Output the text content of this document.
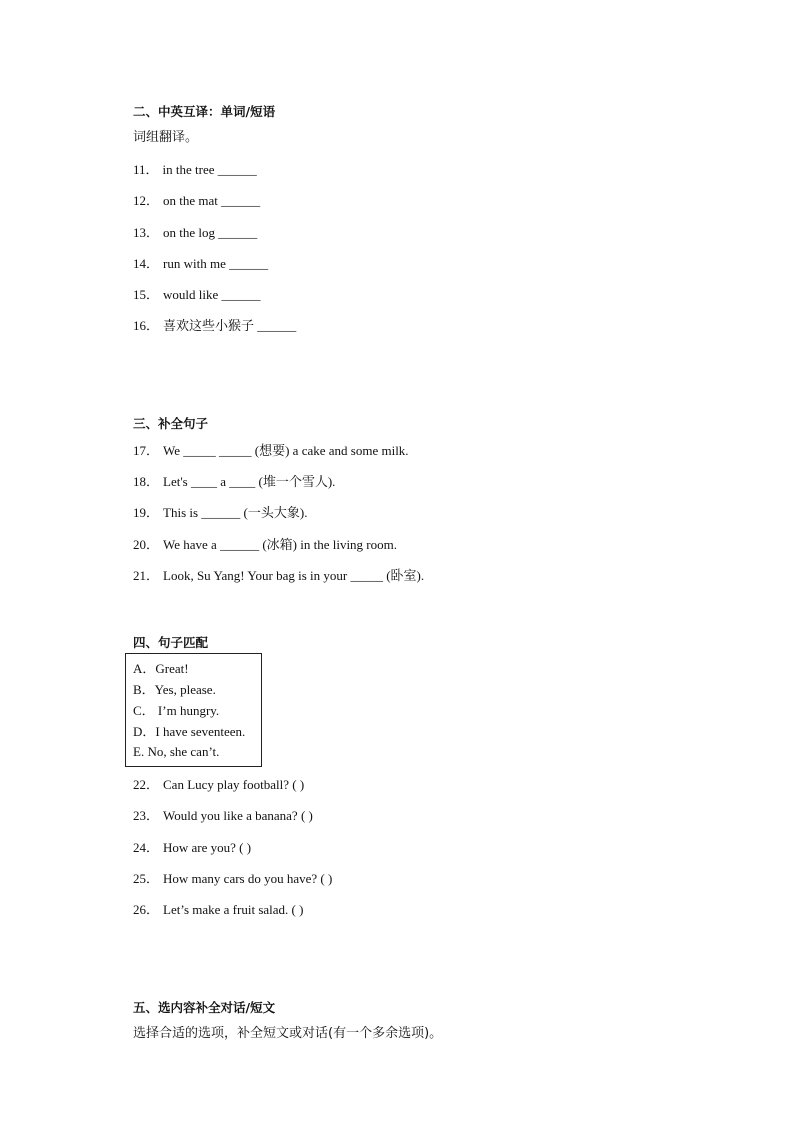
二、中英互译：单词/短语
词组翻译。
11． in the tree ______
12． on the mat ______
13． on the log ______
14． run with me ______
15． would like ______
16． 喜欢这些小猴子 ______
三、补全句子
17． We _____ _____ (想要) a cake and some milk.
18． Let's ____ a ____ (堆一个雪人).
19． This is ______ (一头大象).
20． We have a ______ (冰箱) in the living room.
21． Look, Su Yang! Your bag is in your _____ (卧室).
四、句子匹配
A．Great!
B．Yes, please.
C． I’m hungry.
D．I have seventeen.
E. No, she can’t.
22． Can Lucy play football? ( )
23． Would you like a banana? ( )
24． How are you? ( )
25． How many cars do you have? ( )
26． Let’s make a fruit salad. ( )
五、选内容补全对话/短文
选择合适的选项，补全短文或对话(有一个多余选项)。
